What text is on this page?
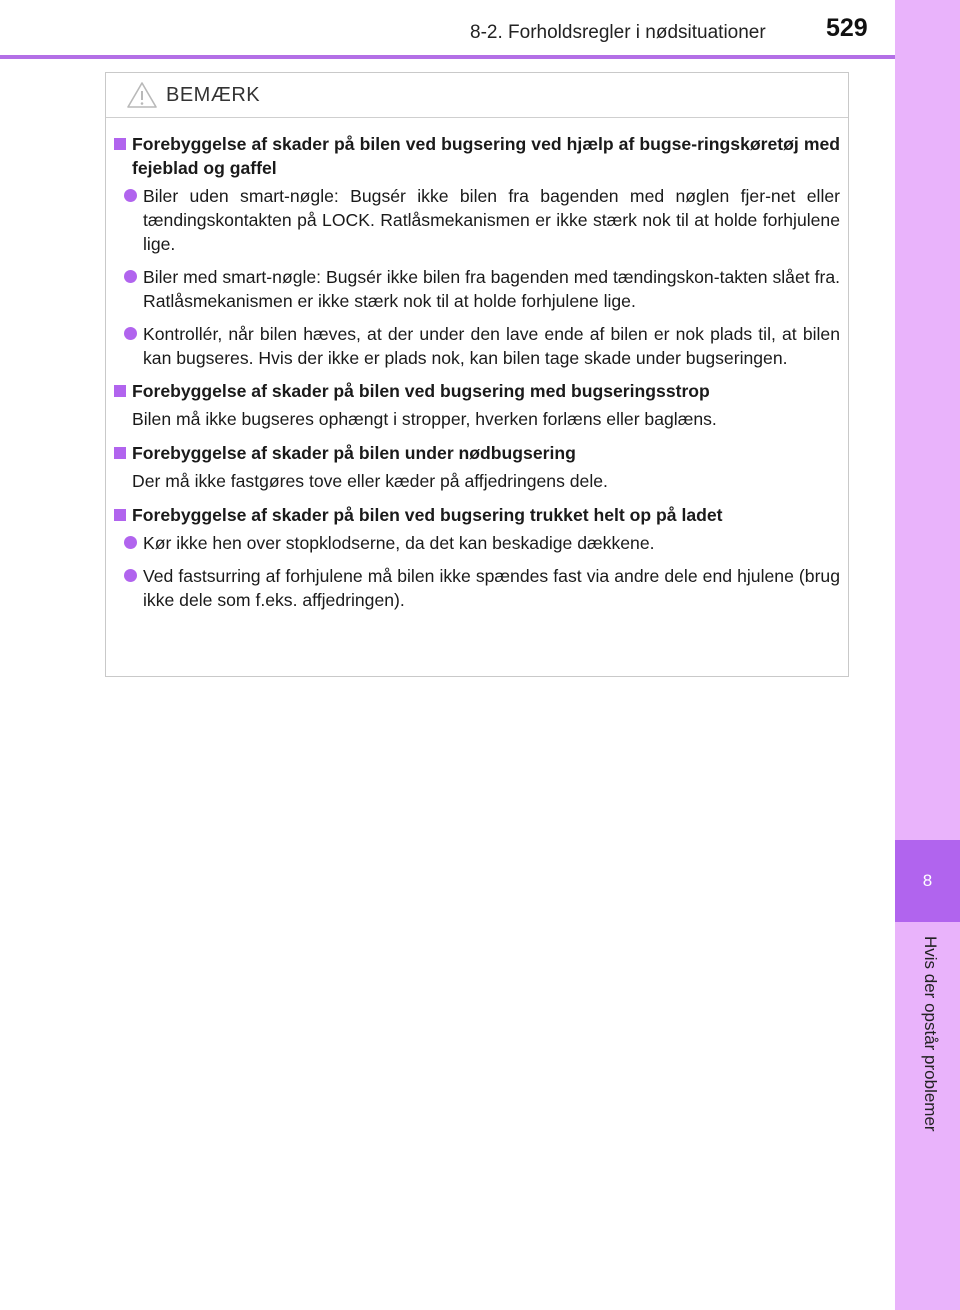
8-2. Forholdsregler i nødsituationer 529
8
Hvis der opstår problemer
BEMÆRK
Forebyggelse af skader på bilen ved bugsering ved hjælp af bugse-ringskøretøj med fejeblad og gaffel
Biler uden smart-nøgle: Bugsér ikke bilen fra bagenden med nøglen fjer-net eller tændingskontakten på LOCK. Ratlåsmekanismen er ikke stærk nok til at holde forhjulene lige.
Biler med smart-nøgle: Bugsér ikke bilen fra bagenden med tændingskon-takten slået fra. Ratlåsmekanismen er ikke stærk nok til at holde forhjulene lige.
Kontrollér, når bilen hæves, at der under den lave ende af bilen er nok plads til, at bilen kan bugseres. Hvis der ikke er plads nok, kan bilen tage skade under bugseringen.
Forebyggelse af skader på bilen ved bugsering med bugseringsstrop
Bilen må ikke bugseres ophængt i stropper, hverken forlæns eller baglæns.
Forebyggelse af skader på bilen under nødbugsering
Der må ikke fastgøres tove eller kæder på affjedringens dele.
Forebyggelse af skader på bilen ved bugsering trukket helt op på ladet
Kør ikke hen over stopklodserne, da det kan beskadige dækkene.
Ved fastsurring af forhjulene må bilen ikke spændes fast via andre dele end hjulene (brug ikke dele som f.eks. affjedringen).
